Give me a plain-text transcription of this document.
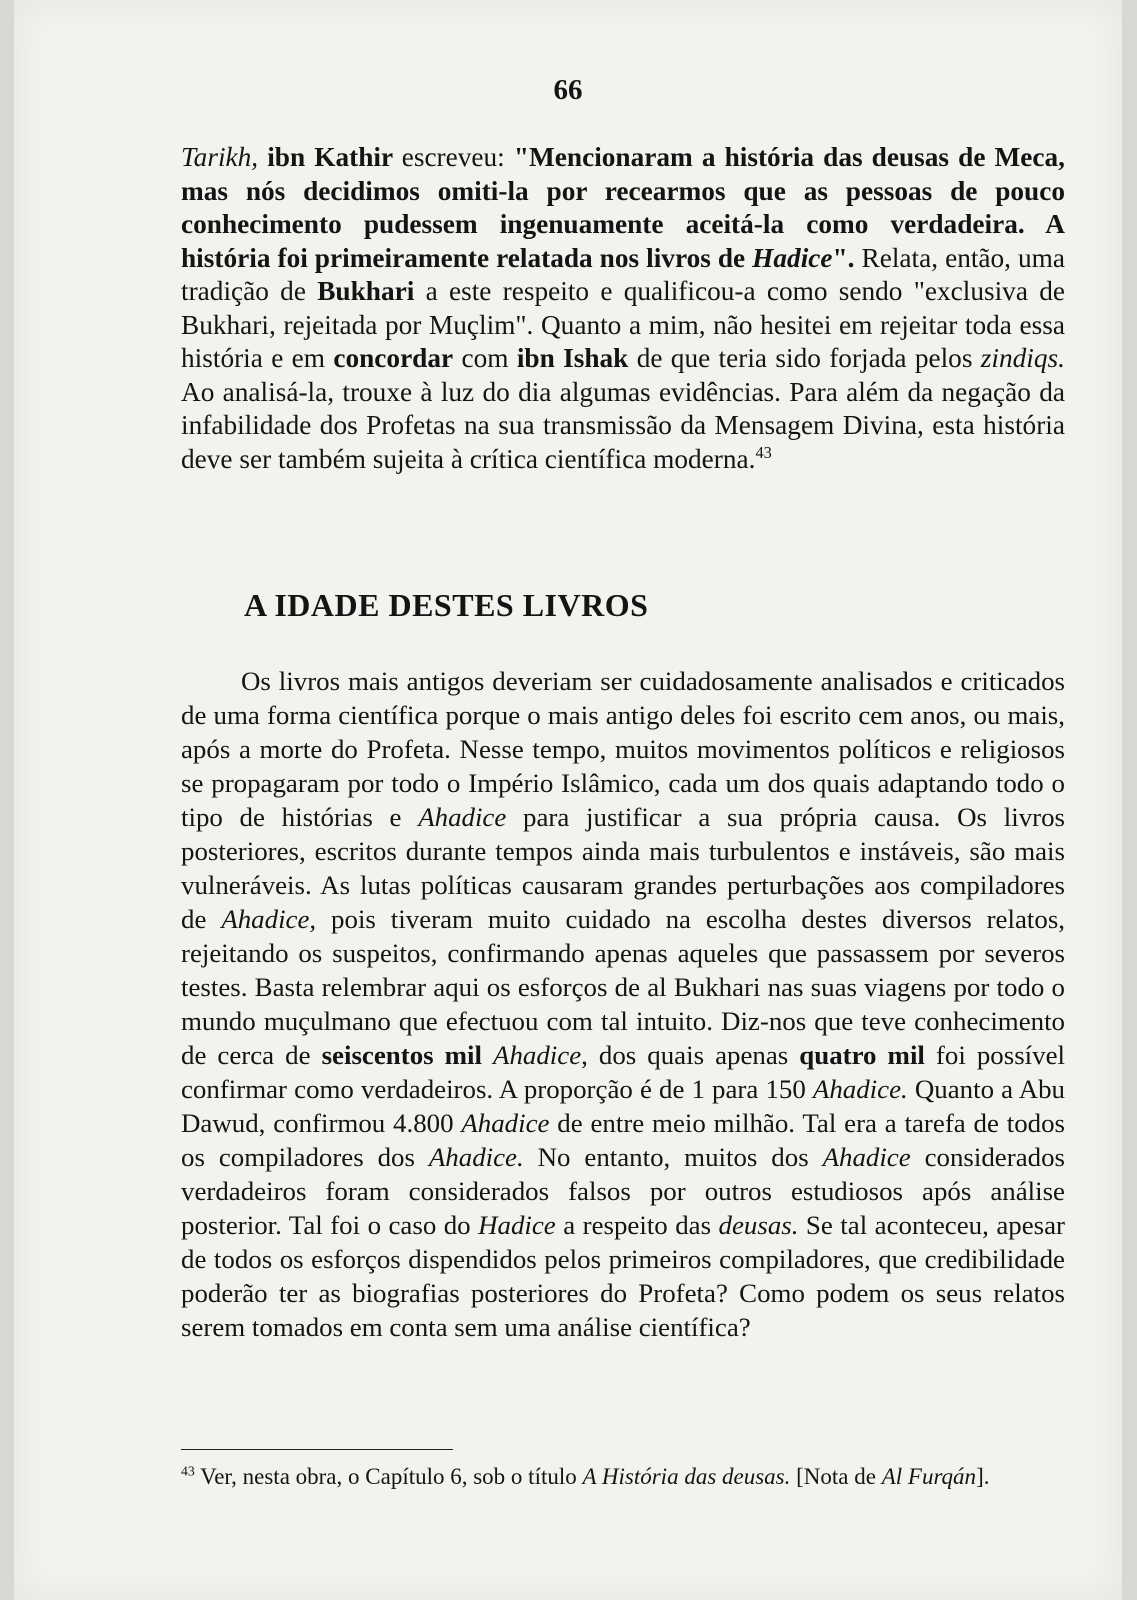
66

Tarikh, ibn Kathir escreveu: "Mencionaram a história das deusas de Meca, mas nós decidimos omiti-la por recearmos que as pessoas de pouco conhecimento pudessem ingenuamente aceitá-la como verdadeira. A história foi primeiramente relatada nos livros de Hadice". Relata, então, uma tradição de Bukhari a este respeito e qualificou-a como sendo "exclusiva de Bukhari, rejeitada por Muçlim". Quanto a mim, não hesitei em rejeitar toda essa história e em concordar com ibn Ishak de que teria sido forjada pelos zindiqs. Ao analisá-la, trouxe à luz do dia algumas evidências. Para além da negação da infabilidade dos Profetas na sua transmissão da Mensagem Divina, esta história deve ser também sujeita à crítica científica moderna.$^{43}$

A IDADE DESTES LIVROS

Os livros mais antigos deveriam ser cuidadosamente analisados e criticados de uma forma científica porque o mais antigo deles foi escrito cem anos, ou mais, após a morte do Profeta. Nesse tempo, muitos movimentos políticos e religiosos se propagaram por todo o Império Islâmico, cada um dos quais adaptando todo o tipo de histórias e Ahadice para justificar a sua própria causa. Os livros posteriores, escritos durante tempos ainda mais turbulentos e instáveis, são mais vulneráveis. As lutas políticas causaram grandes perturbações aos compiladores de Ahadice, pois tiveram muito cuidado na escolha destes diversos relatos, rejeitando os suspeitos, confirmando apenas aqueles que passassem por severos testes. Basta relembrar aqui os esforços de al Bukhari nas suas viagens por todo o mundo muçulmano que efectuou com tal intuito. Diz-nos que teve conhecimento de cerca de seiscentos mil Ahadice, dos quais apenas quatro mil foi possível confirmar como verdadeiros. A proporção é de 1 para 150 Ahadice. Quanto a Abu Dawud, confirmou 4.800 Ahadice de entre meio milhão. Tal era a tarefa de todos os compiladores dos Ahadice. No entanto, muitos dos Ahadice considerados verdadeiros foram considerados falsos por outros estudiosos após análise posterior. Tal foi o caso do Hadice a respeito das deusas. Se tal aconteceu, apesar de todos os esforços dispendidos pelos primeiros compiladores, que credibilidade poderão ter as biografias posteriores do Profeta? Como podem os seus relatos serem tomados em conta sem uma análise científica?

$^{43}$ Ver, nesta obra, o Capítulo 6, sob o título A História das deusas. [Nota de Al Furqán].
